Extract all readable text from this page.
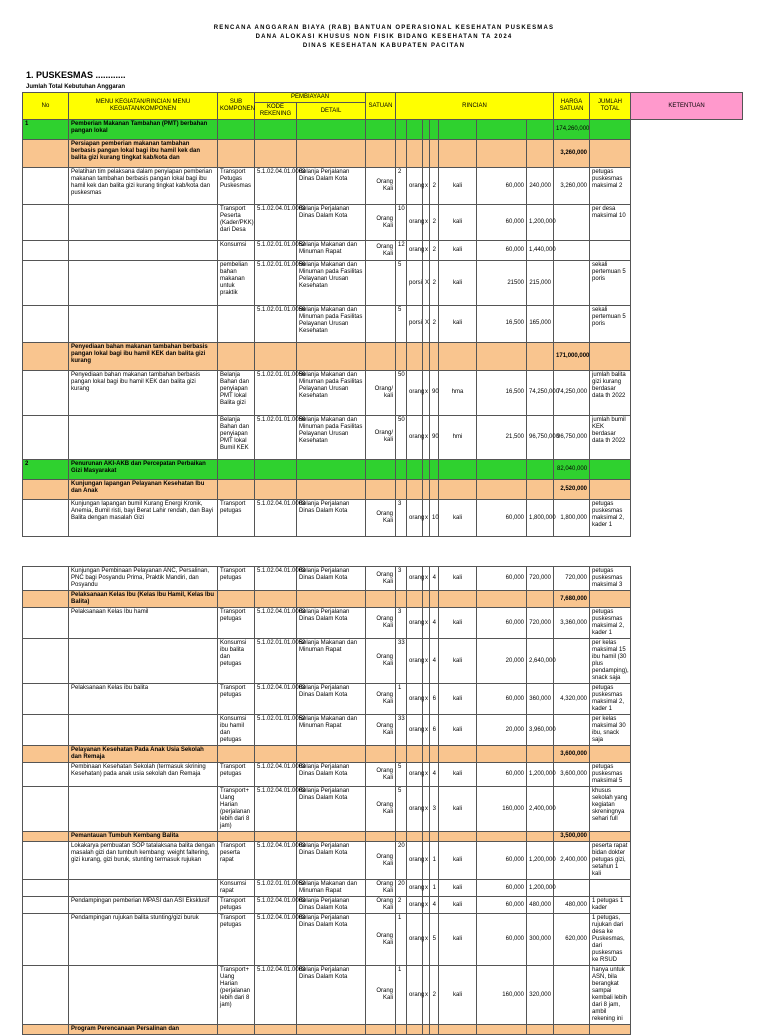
RENCANA ANGGARAN BIAYA (RAB) BANTUAN OPERASIONAL KESEHATAN PUSKESMAS
DANA ALOKASI KHUSUS NON FISIK BIDANG KESEHATAN TA 2024
DINAS KESEHATAN KABUPATEN PACITAN
1. PUSKESMAS ............
Jumlah Total Kebutuhan Anggaran
No	MENU KEGIATAN/RINCIAN MENU KEGIATAN/KOMPONEN	SUB KOMPONEN	PEMBIAYAAN		SATUAN	RINCIAN							HARGA SATUAN	JUMLAH TOTAL	KETENTUAN
			KODE REKENING	DETAIL											
1	Pemberian Makanan Tambahan (PMT) berbahan pangan lokal												174,260,000		
	Persiapan pemberian makanan tambahan berbasis pangan lokal bagi ibu hamil kek dan balita gizi kurang tingkat kab/kota dan												3,260,000		
	Pelatihan tim pelaksana dalam penyiapan pemberian makanan tambahan berbasis pangan lokal bagi ibu hamil kek dan balita gizi kurang tingkat kab/kota dan puskesmas	Transport Petugas Puskesmas	5.1.02.04.01.0003	Belanja Perjalanan Dinas Dalam Kota	Orang Kali	2	orang	x	2	kali	60,000	240,000	3,260,000	petugas puskesmas maksimal 2	
		Transport Peserta (Kader/PKK) dari Desa	5.1.02.04.01.0003	Belanja Perjalanan Dinas Dalam Kota	Orang Kali	10	orang	x	2	kali	60,000	1,200,000		per desa maksimal 10	
		Konsumsi	5.1.02.01.01.0052	Belanja Makanan dan Minuman Rapat	Orang Kali	12	orang	x	2	kali	60,000	1,440,000			
		pembelian bahan makanan untuk praktik	5.1.02.01.01.0056	Belanja Makanan dan Minuman pada Fasilitas Pelayanan Urusan Kesehatan		5	porsi	X	2	kali	21500	215,000		sekali pertemuan 5 poris	
			5.1.02.01.01.0056	Belanja Makanan dan Minuman pada Fasilitas Pelayanan Urusan Kesehatan		5	porsi	X	2	kali	16,500	165,000		sekali pertemuan 5 poris	
	Penyediaan bahan makanan tambahan berbasis pangan lokal bagi ibu hamil KEK dan balita gizi kurang												171,000,000		
	Penyediaan bahan makanan tambahan berbasis pangan lokal bagi ibu hamil KEK dan balita gizi kurang	Belanja Bahan dan penyiapan PMT lokal Balita gizi	5.1.02.01.01.0056	Belanja Makanan dan Minuman pada Fasilitas Pelayanan Urusan Kesehatan	Orang/ kali	50	orang	x	90	hma	16,500	74,250,000	74,250,000	jumlah balita gizi kurang berdasar data th 2022	
		Belanja Bahan dan penyiapan PMT lokal Bumil KEK	5.1.02.01.01.0056	Belanja Makanan dan Minuman pada Fasilitas Pelayanan Urusan Kesehatan	Orang/ kali	50	orang	x	90	hmi	21,500	96,750,000	96,750,000	jumlah bumil KEK berdasar data th 2022	
2	Penurunan AKI-AKB dan Percepatan Perbaikan Gizi Masyarakat												82,040,000		
	Kunjungan lapangan Pelayanan Kesehatan Ibu dan Anak												2,520,000		
	Kunjungan lapangan bumil Kurang Energi Kronik, Anemia, Bumil risti, bayi Berat Lahir rendah, dan Bayi Balita dengan masalah Gizi	Transport petugas	5.1.02.04.01.0003	Belanja Perjalanan Dinas Dalam Kota	Orang Kali	3	orang	x	10	kali	60,000	1,800,000	1,800,000	petugas puskesmas maksimal 2, kader 1	
	Kunjungan Pembinaan Pelayanan ANC, Persalinan, PNC bagi Posyandu Prima, Praktik Mandiri, dan Posyandu	Transport petugas	5.1.02.04.01.0003	Belanja Perjalanan Dinas Dalam Kota	Orang Kali	3	orang	x	4	kali	60,000	720,000	720,000	petugas puskesmas maksimal 3
	Pelaksanaan Kelas Ibu (Kelas Ibu Hamil, Kelas Ibu Balita)												7,680,000	
	Pelaksanaan Kelas Ibu hamil	Transport petugas	5.1.02.04.01.0003	Belanja Perjalanan Dinas Dalam Kota	Orang Kali	3	orang	x	4	kali	60,000	720,000	3,360,000	petugas puskesmas maksimal 2, kader 1
		Konsumsi ibu balita dan petugas	5.1.02.01.01.0052	Belanja Makanan dan Minuman Rapat	Orang Kali	33	orang	x	4	kali	20,000	2,640,000		per kelas maksimal 15 ibu hamil (30 plus pendamping), snack saja
	Pelaksanaan Kelas ibu balita	Transport petugas	5.1.02.04.01.0003	Belanja Perjalanan Dinas Dalam Kota	Orang Kali	1	orang	x	6	kali	60,000	360,000	4,320,000	petugas puskesmas maksimal 2, kader 1
		Konsumsi ibu hamil dan petugas	5.1.02.01.01.0052	Belanja Makanan dan Minuman Rapat	Orang Kali	33	orang	x	6	kali	20,000	3,960,000		per kelas maksimal 30 ibu, snack saja
	Pelayanan Kesehatan Pada Anak Usia Sekolah dan Remaja												3,600,000	
	Pembinaan Kesehatan Sekolah (termasuk skrining Kesehatan) pada anak usia sekolah dan Remaja	Transport petugas	5.1.02.04.01.0003	Belanja Perjalanan Dinas Dalam Kota	Orang Kali	5	orang	x	4	kali	60,000	1,200,000	3,600,000	petugas puskesmas maksimal 5
		Transport+ Uang Harian (perjalanan lebih dari 8 jam)	5.1.02.04.01.0003	Belanja Perjalanan Dinas Dalam Kota	Orang Kali	5	orang	x	3	kali	160,000	2,400,000		khusus sekolah yang kegiatan skreningnya sehari full
	Pemantauan Tumbuh Kembang Balita												3,500,000	
	Lokakarya pembuatan SOP tatalaksana balita dengan masalah gizi dan tumbuh kembang: weight faltering, gizi kurang, gizi buruk, stunting termasuk rujukan	Transport peserta rapat	5.1.02.04.01.0003	Belanja Perjalanan Dinas Dalam Kota	Orang Kali	20	orang	x	1	kali	60,000	1,200,000	2,400,000	peserta rapat bidan dokter petugas gizi, setahun 1 kali
		Konsumsi rapat	5.1.02.01.01.0052	Belanja Makanan dan Minuman Rapat	Orang Kali	20	orang	x	1	kali	60,000	1,200,000		
	Pendampingan pemberian MPASI dan ASI Eksklusif	Transport petugas	5.1.02.04.01.0003	Belanja Perjalanan Dinas Dalam Kota	Orang Kali	2	orang	x	4	kali	60,000	480,000	480,000	1 petugas 1 kader
	Pendampingan rujukan balita stunting/gizi buruk	Transport petugas	5.1.02.04.01.0003	Belanja Perjalanan Dinas Dalam Kota	Orang Kali	1	orang	x	5	kali	60,000	300,000	620,000	1 petugas, rujukan dari desa ke Puskesmas, dari puskesmas ke RSUD
		Transport+ Uang Harian (perjalanan lebih dari 8 jam)	5.1.02.04.01.0003	Belanja Perjalanan Dinas Dalam Kota	Orang Kali	1	orang	x	2	kali	160,000	320,000		hanya untuk ASN, bila berangkat sampai kembali lebih dari 8 jam, ambil rekening ini
	Program Perencanaan Persalinan dan													
